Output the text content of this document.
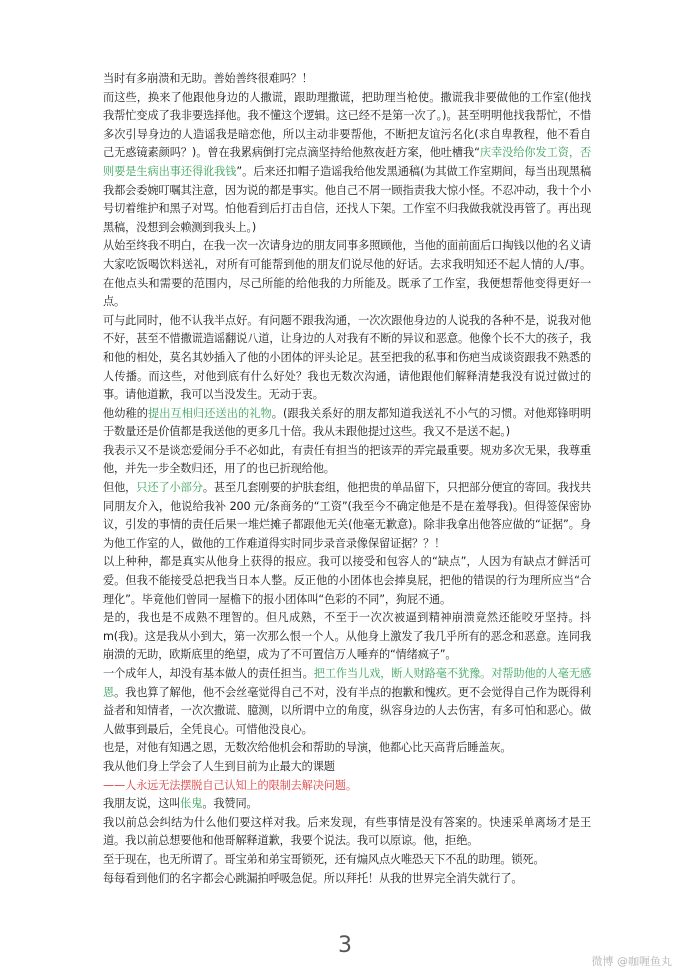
当时有多崩溃和无助。善始善终很难吗？！

而这些，换来了他跟他身边的人撒谎，跟助理撒谎，把助理当枪使。撒谎我非要做他的工作室(他找我帮忙变成了我非要选择他。我不懂这个逻辑。这已经不是第一次了。)。甚至明明他找我帮忙，不惜多次引导身边的人造谣我是暗恋他，所以主动非要帮他，不断把友谊污名化(求自卑教程，他不看自己无惑镜素颜吗？)。曾在我累病倒打完点滴坚持给他熬夜赶方案，他吐槽我“庆幸没给你发工资，否则要是生病出事还得讹我钱”。后来还扣帽子造谣我给他发黑通稿(为其做工作室期间，每当出现黑稿我都会委婉叮嘱其注意，因为说的都是事实。他自己不屑一顾指责我大惊小怪。不忍冲动，我十个小号切着维护和黑子对骂。怕他看到后打击自信，还找人下架。工作室不归我做我就没再管了。再出现黑稿，没想到会赖测到我头上。)

从始至终我不明白，在我一次一次请身边的朋友同事多照顾他，当他的面前面后口掏钱以他的名义请大家吃饭喝饮料送礼，对所有可能帮到他的朋友们说尽他的好话。去求我明知还不起人情的人/事。在他点头和需要的范围内，尽己所能的给他我的力所能及。既承了工作室，我便想帮他变得更好一点。

可与此同时，他不认我半点好。有问题不跟我沟通，一次次跟他身边的人说我的各种不是，说我对他不好，甚至不惜撒谎造谣翻说八道，让身边的人对我有不断的异议和恶意。他像个长不大的孩子，我和他的相处，莫名其妙插入了他的小团体的评头论足。甚至把我的私事和伤疤当成谈资跟我不熟悉的人传播。而这些，对他到底有什么好处？我也无数次沟通，请他跟他们解释清楚我没有说过做过的事。请他道歉，我可以当没发生。无动于衷。

他幼稚的提出互相归还送出的礼物。(跟我关系好的朋友都知道我送礼不小气的习惯。对他郑锋明明于数量还是价值都是我送他的更多几十倍。我从未跟他提过这些。我又不是送不起。)

我表示又不是谈恋爱闹分手不必如此，有责任有担当的把该弄的弄完最重要。规劝多次无果，我尊重他，并先一步全数归还，用了的也已折现给他。

但他，只还了小部分。甚至几套刚要的护肤套组，他把贵的单品留下，只把部分便宜的寄回。我找共同朋友介入，他说给我补 200 元/条商务的“工资”(我至今不确定他是不是在羞辱我)。但得签保密协议，引发的事情的责任后果一堆烂摊子都跟他无关(他毫无歉意)。除非我拿出他答应做的“证据”。身为他工作室的人，做他的工作难道得实时同步录音录像保留证据？？！

以上种种，都是真实从他身上获得的报应。我可以接受和包容人的“缺点”，人因为有缺点才鲜活可爱。但我不能接受总把我当日本人整。反正他的小团体也会捧臭屁，把他的错误的行为理所应当“合理化”。毕竟他们曾同一屋檐下的报小团体叫“色彩的不同”，狗屁不通。

是的，我也是不成熟不理智的。但凡成熟，不至于一次次被逼到精神崩溃竟然还能咬牙坚持。抖 m(我)。这是我从小到大，第一次那么恨一个人。从他身上激发了我几乎所有的恶念和恶意。连同我崩溃的无助，欧斯底里的绝望，成为了不可置信万人唾弃的“情绪疯子”。

一个成年人，却没有基本做人的责任担当。把工作当儿戏，断人财路毫不犹豫。对帮助他的人毫无感恩。我也算了解他，他不会丝毫觉得自己不对，没有半点的抱歉和愧疚。更不会觉得自己作为既得利益者和知情者，一次次撒谎、臆测，以所谓中立的角度，纵容身边的人去伤害，有多可怕和恶心。做人做事到最后，全凭良心。可惜他没良心。

也是，对他有知遇之恩，无数次给他机会和帮助的导演，他都心比天高背后睡盖灰。

我从他们身上学会了人生到目前为止最大的课题

——人永远无法摆脱自己认知上的限制去解决问题。

我朋友说，这叫伥鬼。我赞同。

我以前总会纠结为什么他们要这样对我。后来发现，有些事情是没有答案的。快速采单离场才是王道。我以前总想要他和他哥解释道歉，我要个说法。我可以原谅。他，拒绝。

至于现在，也无所谓了。哥宝弟和弟宝哥锁死，还有煽风点火唯恐天下不乱的助理。锁死。

每每看到他们的名字都会心跳漏拍呼吸急促。所以拜托！从我的世界完全消失就行了。

3
微博 @咖喱鱼丸
